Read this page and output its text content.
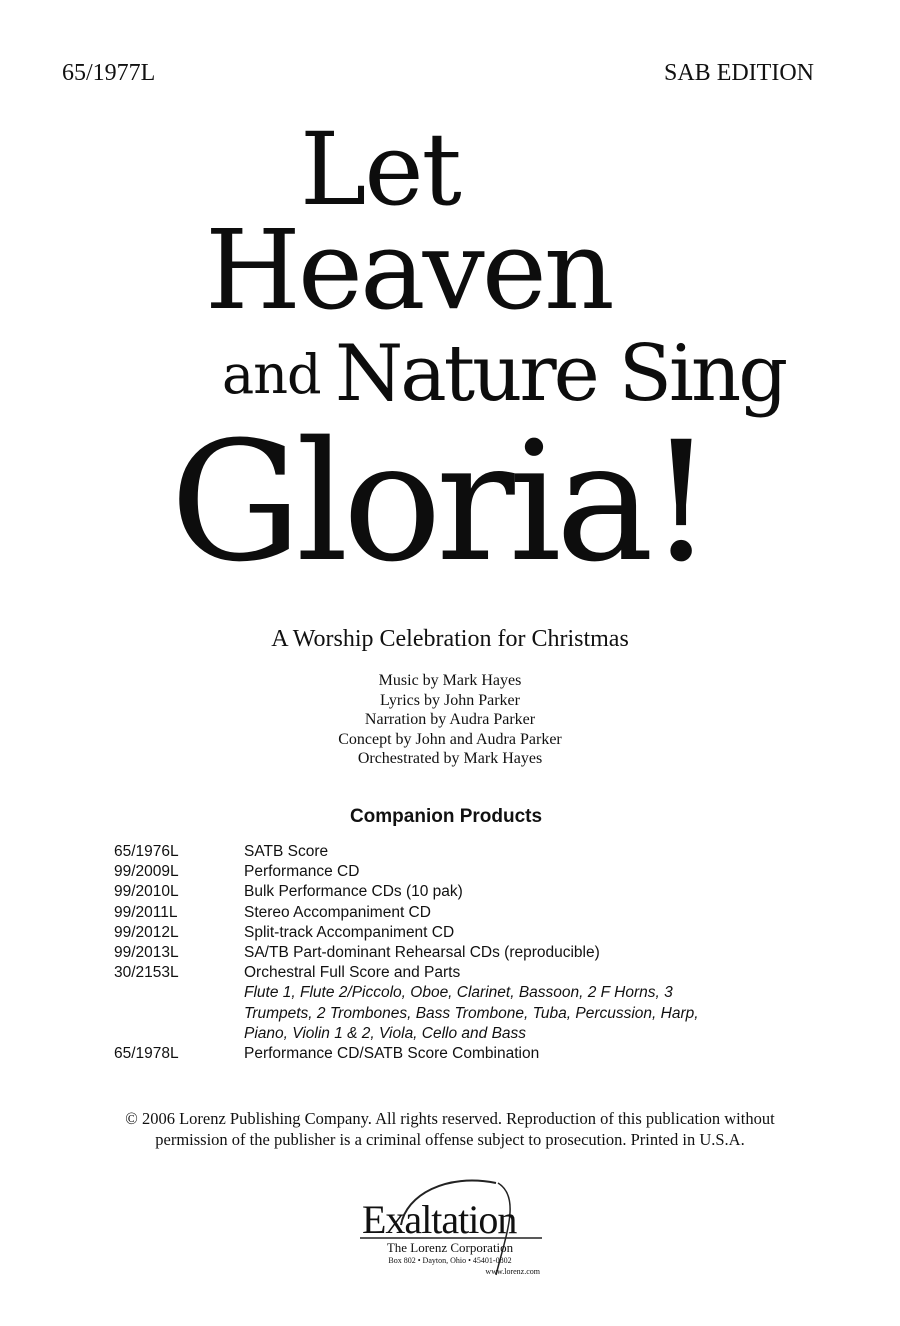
65/1977L	SAB EDITION
Let
Heaven
and Nature Sing
Gloria!
A Worship Celebration for Christmas
Music by Mark Hayes
Lyrics by John Parker
Narration by Audra Parker
Concept by John and Audra Parker
Orchestrated by Mark Hayes
Companion Products
65/1976L	SATB Score
99/2009L	Performance CD
99/2010L	Bulk Performance CDs (10 pak)
99/2011L	Stereo Accompaniment CD
99/2012L	Split-track Accompaniment CD
99/2013L	SA/TB Part-dominant Rehearsal CDs (reproducible)
30/2153L	Orchestral Full Score and Parts
Flute 1, Flute 2/Piccolo, Oboe, Clarinet, Bassoon, 2 F Horns, 3
Trumpets, 2 Trombones, Bass Trombone, Tuba, Percussion, Harp,
Piano, Violin 1 & 2, Viola, Cello and Bass
65/1978L	Performance CD/SATB Score Combination
© 2006 Lorenz Publishing Company. All rights reserved. Reproduction of this publication without
permission of the publisher is a criminal offense subject to prosecution. Printed in U.S.A.
Exaltation
The Lorenz Corporation
Box 802 • Dayton, Ohio • 45401-0802
www.lorenz.com
